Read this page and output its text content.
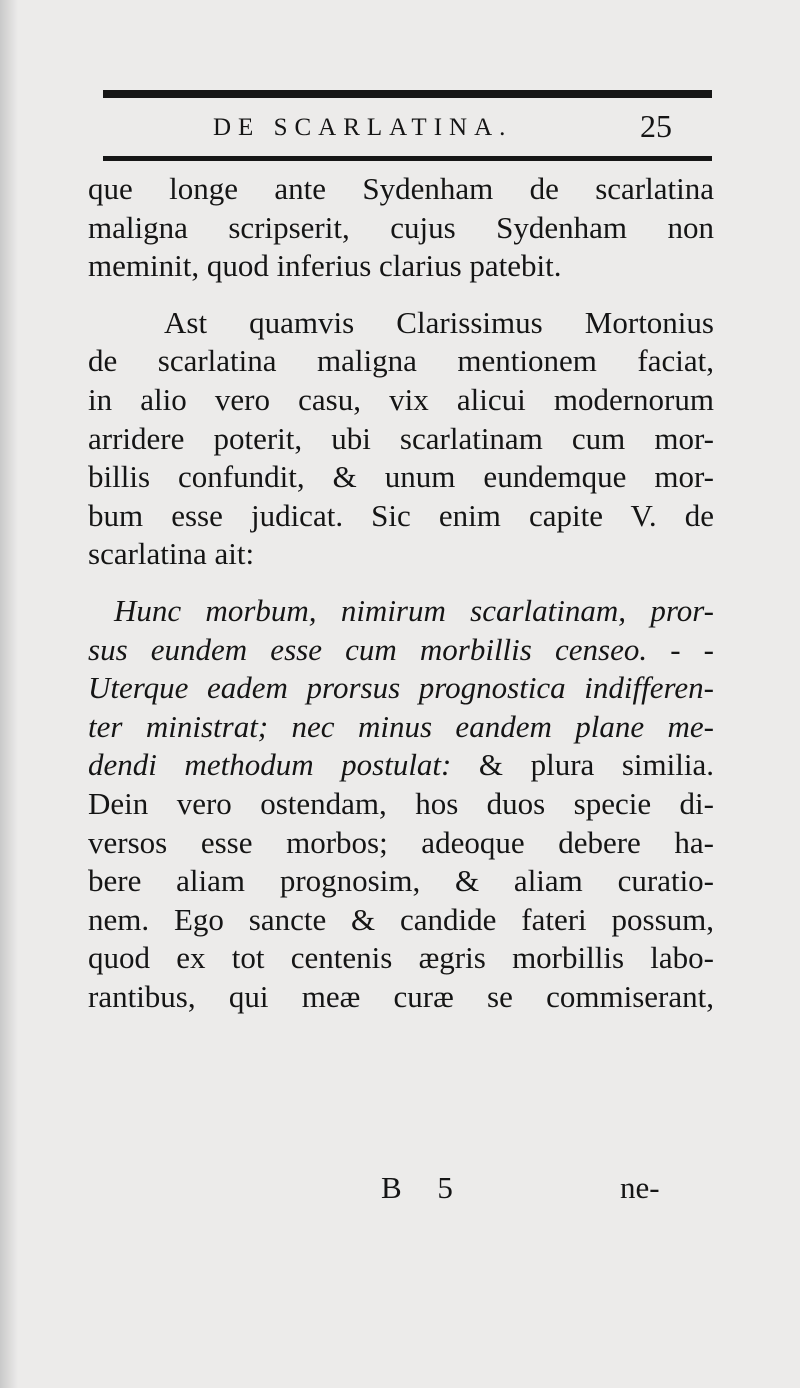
DE SCARLATINA.	25
que longe ante Sydenham de scarlatina
maligna scripserit, cujus Sydenham non
meminit, quod inferius clarius patebit.
Ast quamvis Clarissimus Mortonius
de scarlatina maligna mentionem faciat,
in alio vero casu, vix alicui modernorum
arridere poterit, ubi scarlatinam cum mor-
billis confundit, & unum eundemque mor-
bum esse judicat. Sic enim capite V. de
scarlatina ait:
Hunc morbum, nimirum scarlatinam, pror-
sus eundem esse cum morbillis censeo. - -
Uterque eadem prorsus prognostica indifferen-
ter ministrat; nec minus eandem plane me-
dendi methodum postulat: & plura similia.
Dein vero ostendam, hos duos specie di-
versos esse morbos; adeoque debere ha-
bere aliam prognosim, & aliam curatio-
nem. Ego sancte & candide fateri possum,
quod ex tot centenis ægris morbillis labo-
rantibus, qui meæ curæ se commiserant,
B 5	ne-
